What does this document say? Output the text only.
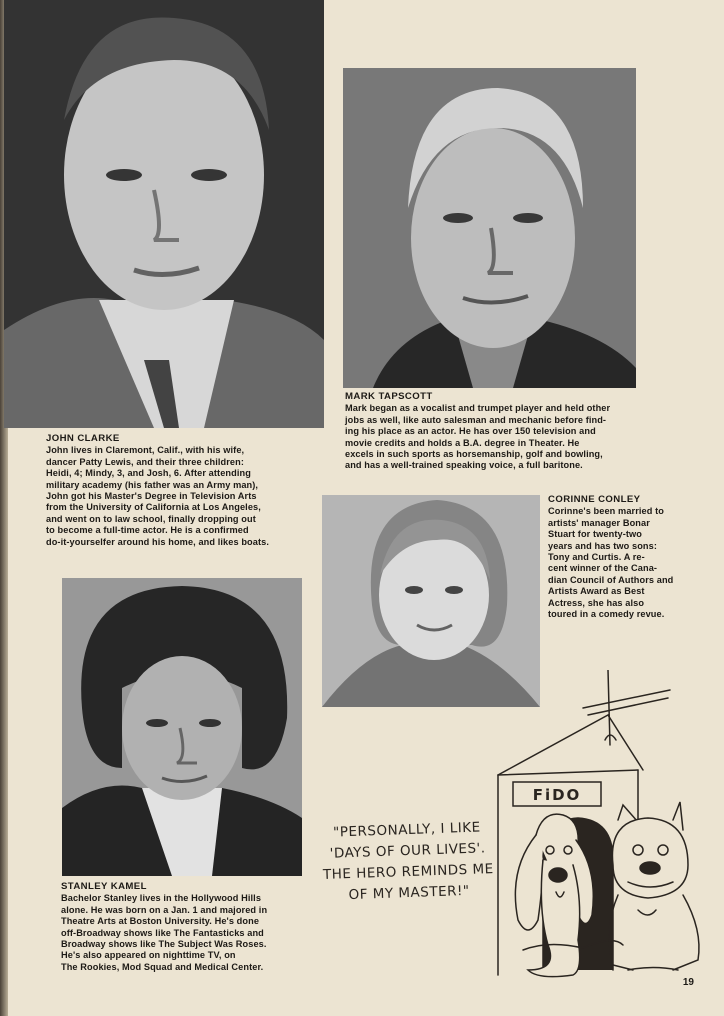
JOHN CLARKE

John lives in Claremont, Calif., with his wife,

dancer Patty Lewis, and their three children:

Heidi, 4; Mindy, 3, and Josh, 6. After attending

military academy (his father was an Army man),

John got his Master's Degree in Television Arts

from the University of California at Los Angeles,

and went on to law school, finally dropping out

to become a full-time actor. He is a confirmed

do-it-yourselfer around his home, and likes boats.

MARK TAPSCOTT

Mark began as a vocalist and trumpet player and held other

jobs as well, like auto salesman and mechanic before find-

ing his place as an actor. He has over 150 television and

movie credits and holds a B.A. degree in Theater. He

excels in such sports as horsemanship, golf and bowling,

and has a well-trained speaking voice, a full baritone.

CORINNE CONLEY

Corinne's been married to

artists' manager Bonar

Stuart for twenty-two

years and has two sons:

Tony and Curtis. A re-

cent winner of the Cana-

dian Council of Authors and

Artists Award as Best

Actress, she has also

toured in a comedy revue.

STANLEY KAMEL

Bachelor Stanley lives in the Hollywood Hills

alone. He was born on a Jan. 1 and majored in

Theatre Arts at Boston University. He's done

off-Broadway shows like The Fantasticks and

Broadway shows like The Subject Was Roses.

He's also appeared on nighttime TV, on

The Rookies, Mod Squad and Medical Center.

"PERSONALLY, I LIKE
'DAYS OF OUR LIVES'.
THE HERO REMINDS ME
OF MY MASTER!"
FiDO
19
